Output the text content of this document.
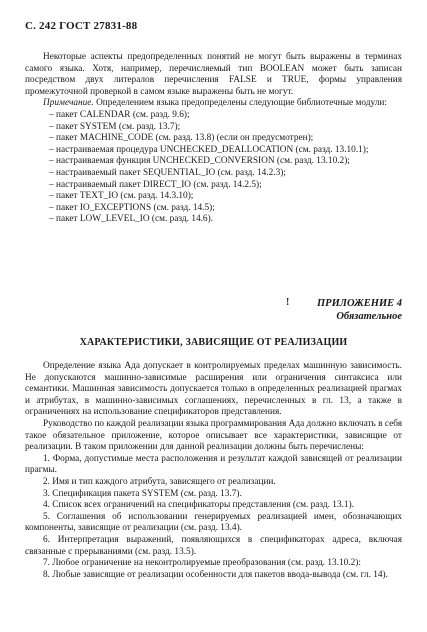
С. 242 ГОСТ 27831-88

Некоторые аспекты предопределенных понятий не могут быть выражены в терминах самого языка. Хотя, например, перечисляемый тип BOOLEAN может быть записан посредством двух литералов перечисления FALSE и TRUE, формы управления промежуточной проверкой в самом языке выражены быть не могут.

Примечание. Определением языка предопределены следующие библиотечные модули:

– пакет CALENDAR (см. разд. 9.6);
– пакет SYSTEM (см. разд. 13.7);
– пакет MACHINE_CODE (см. разд. 13.8) (если он предусмотрен);
– настраиваемая процедура UNCHECKED_DEALLOCATION (см. разд. 13.10.1);
– настраиваемая функция UNCHECKED_CONVERSION (см. разд. 13.10.2);
– настраиваемый пакет SEQUENTIAL_IO (см. разд. 14.2.3);
– настраиваемый пакет DIRECT_IO (см. разд. 14.2.5);
– пакет TEXT_IO (см. разд. 14.3.10);
– пакет IO_EXCEPTIONS (см. разд. 14.5);
– пакет LOW_LEVEL_IO (см. разд. 14.6).
!	ПРИЛОЖЕНИЕ 4
Обязательное
ХАРАКТЕРИСТИКИ, ЗАВИСЯЩИЕ ОТ РЕАЛИЗАЦИИ

Определение языка Ада допускает в контролируемых пределах машинную зависимость. Не допускаются машинно-зависимые расширения или ограничения синтаксиса или семантики. Машинная зависимость допускается только в определенных реализацией прагмах и атрибутах, в машинно-зависимых соглашениях, перечисленных в гл. 13, а также в ограничениях на использование спецификаторов представления.

Руководство по каждой реализации языка программирования Ада должно включать в себя такое обязательное приложение, которое описывает все характеристики, зависящие от реализации. В таком приложении для данной реализации должны быть перечислены:

1. Форма, допустимые места расположения и результат каждой зависящей от реализации прагмы.

2. Имя и тип каждого атрибута, зависящего от реализации.

3. Спецификация пакета SYSTEM (см. разд. 13.7).

4. Список всех ограничений на спецификаторы представления (см. разд. 13.1).

5. Соглашения об использовании генерируемых реализацией имен, обозначающих компоненты, зависящие от реализации (см. разд. 13.4).

6. Интерпретация выражений, появляющихся в спецификаторах адреса, включая связанные с прерываниями (см. разд. 13.5).

7. Любое ограничение на неконтролируемые преобразования (см. разд. 13.10.2):

8. Любые зависящие от реализации особенности для пакетов ввода-вывода (см. гл. 14).
